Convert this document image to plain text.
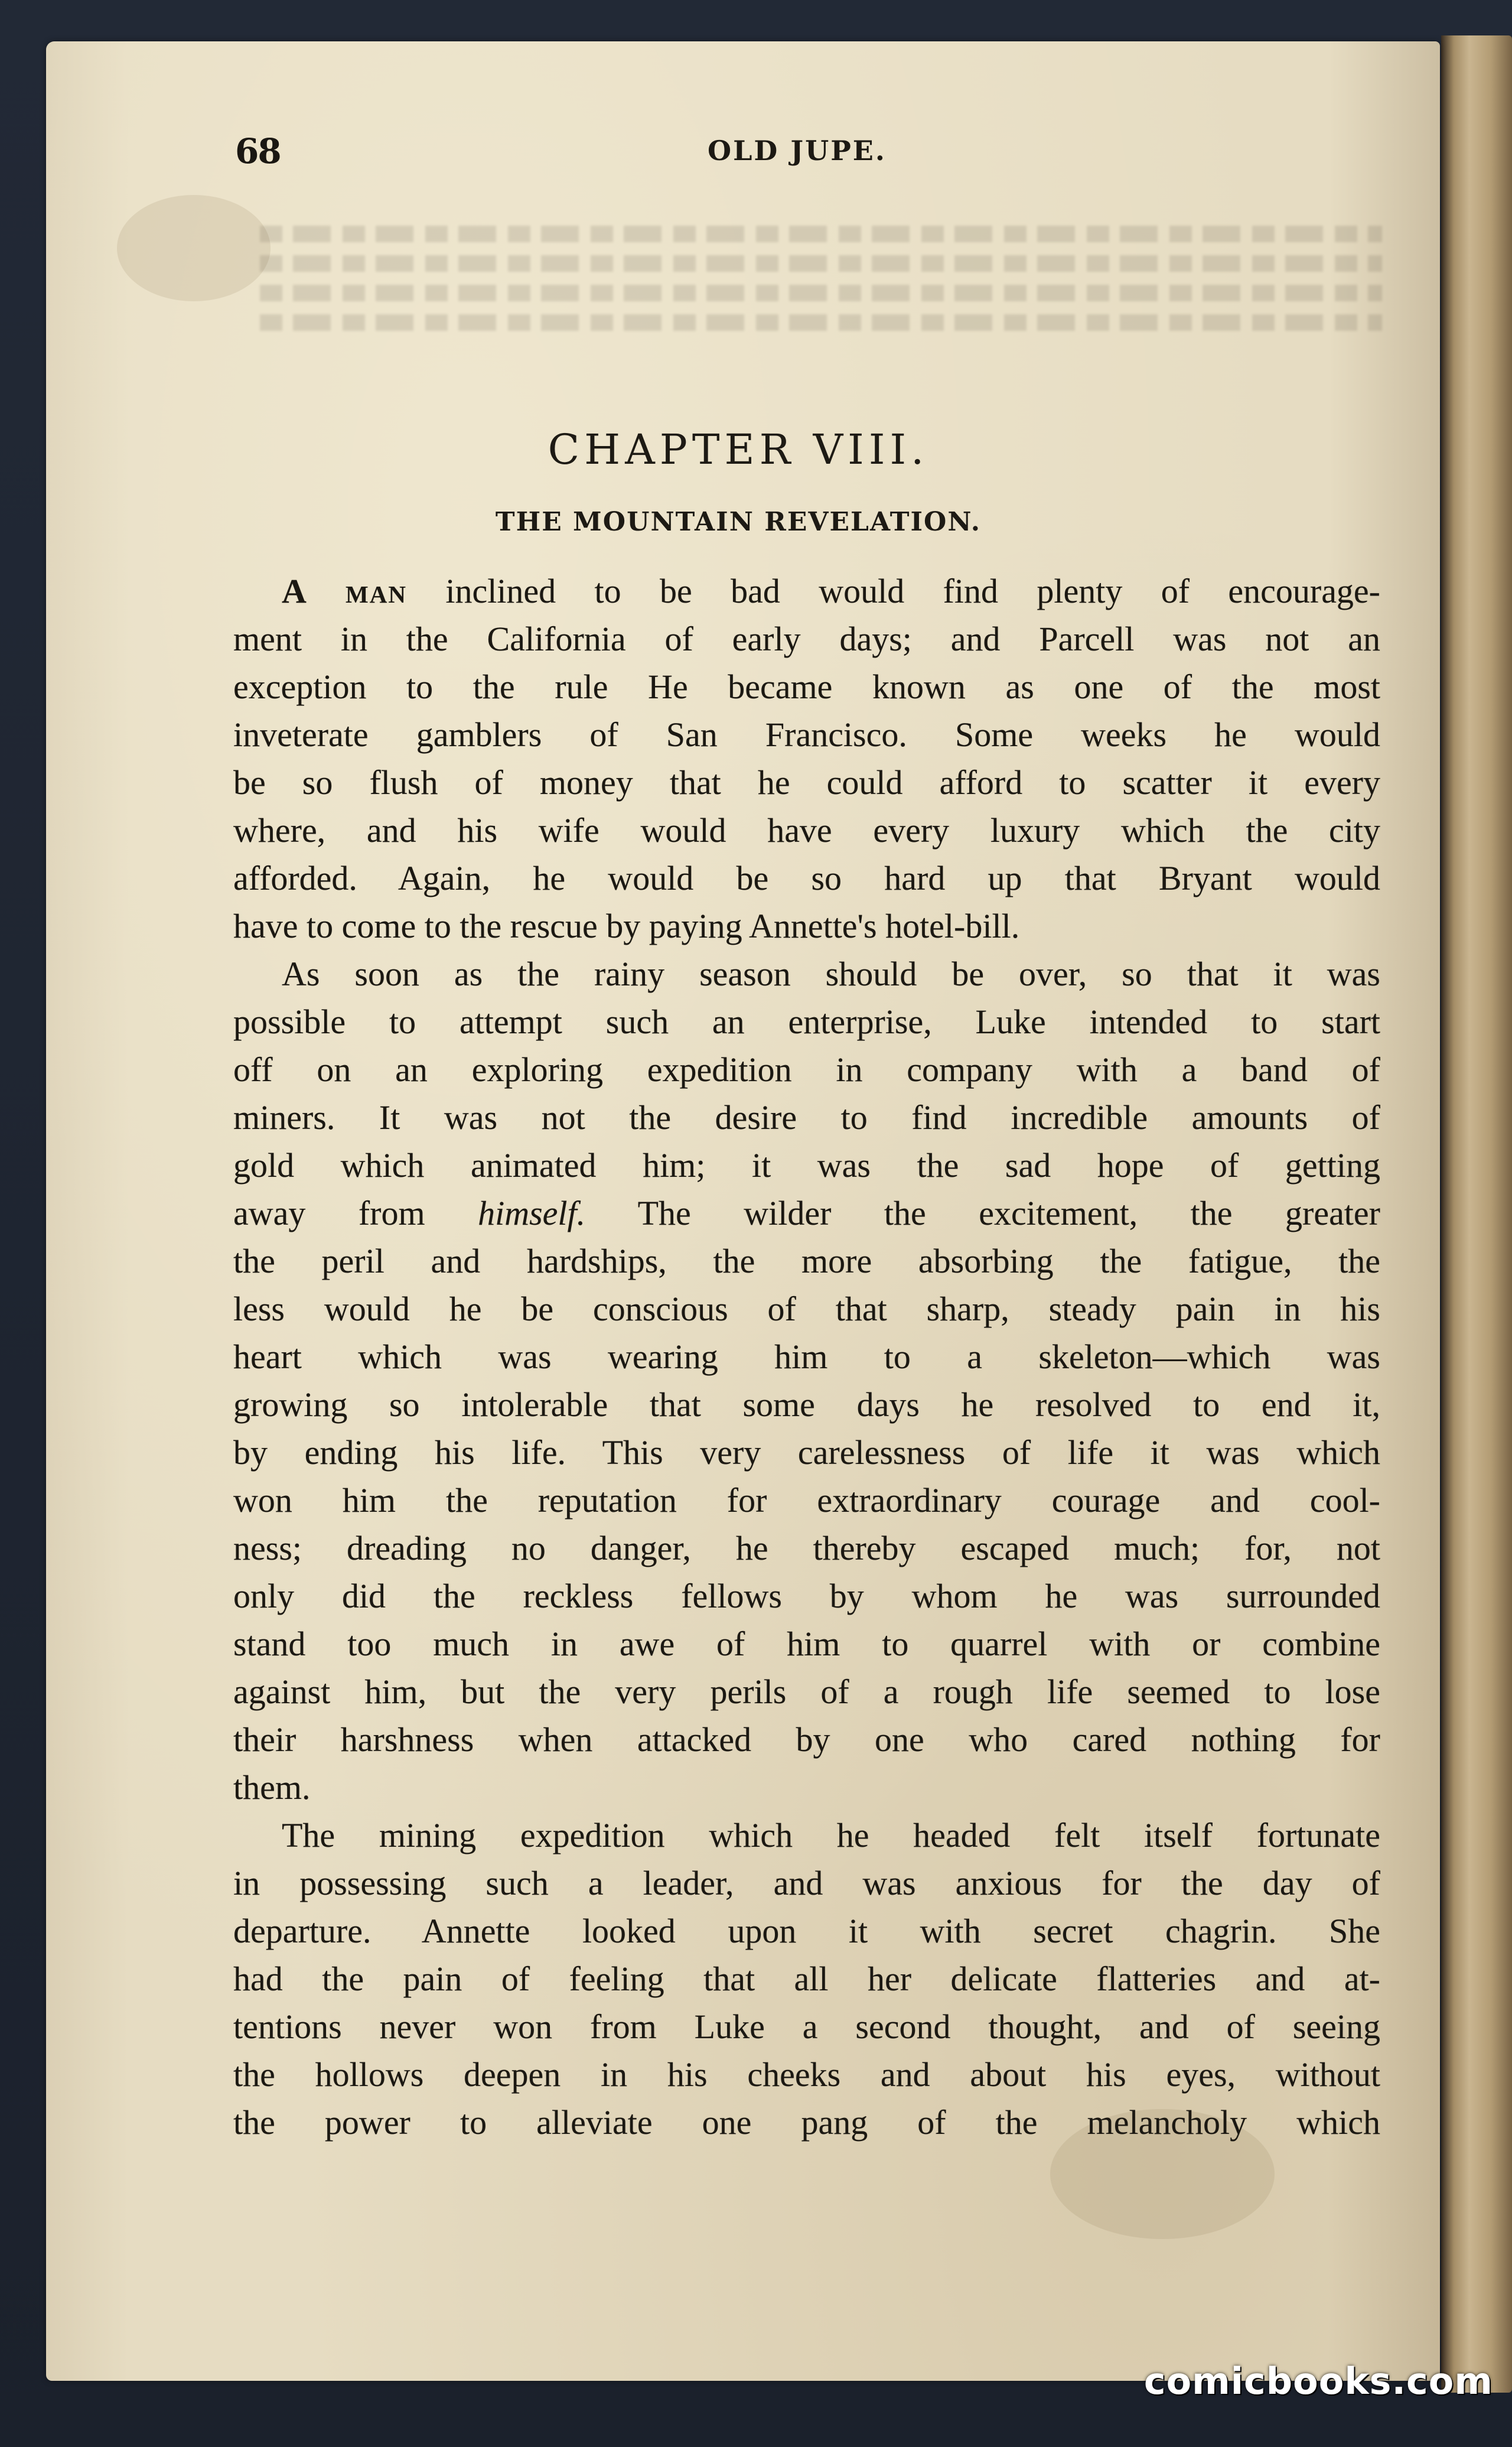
68	OLD JUPE.
CHAPTER VIII.
THE MOUNTAIN REVELATION.

A man inclined to be bad would find plenty of encourage-
ment in the California of early days; and Parcell was not an
exception to the rule He became known as one of the most
inveterate gamblers of San Francisco. Some weeks he would
be so flush of money that he could afford to scatter it every
where, and his wife would have every luxury which the city
afforded. Again, he would be so hard up that Bryant would
have to come to the rescue by paying Annette's hotel-bill.

As soon as the rainy season should be over, so that it was
possible to attempt such an enterprise, Luke intended to start
off on an exploring expedition in company with a band of
miners. It was not the desire to find incredible amounts of
gold which animated him; it was the sad hope of getting
away from himself. The wilder the excitement, the greater
the peril and hardships, the more absorbing the fatigue, the
less would he be conscious of that sharp, steady pain in his
heart which was wearing him to a skeleton—which was
growing so intolerable that some days he resolved to end it,
by ending his life. This very carelessness of life it was which
won him the reputation for extraordinary courage and cool-
ness; dreading no danger, he thereby escaped much; for, not
only did the reckless fellows by whom he was surrounded
stand too much in awe of him to quarrel with or combine
against him, but the very perils of a rough life seemed to lose
their harshness when attacked by one who cared nothing for
them.

The mining expedition which he headed felt itself fortunate
in possessing such a leader, and was anxious for the day of
departure. Annette looked upon it with secret chagrin. She
had the pain of feeling that all her delicate flatteries and at-
tentions never won from Luke a second thought, and of seeing
the hollows deepen in his cheeks and about his eyes, without
the power to alleviate one pang of the melancholy which

comicbooks.com
